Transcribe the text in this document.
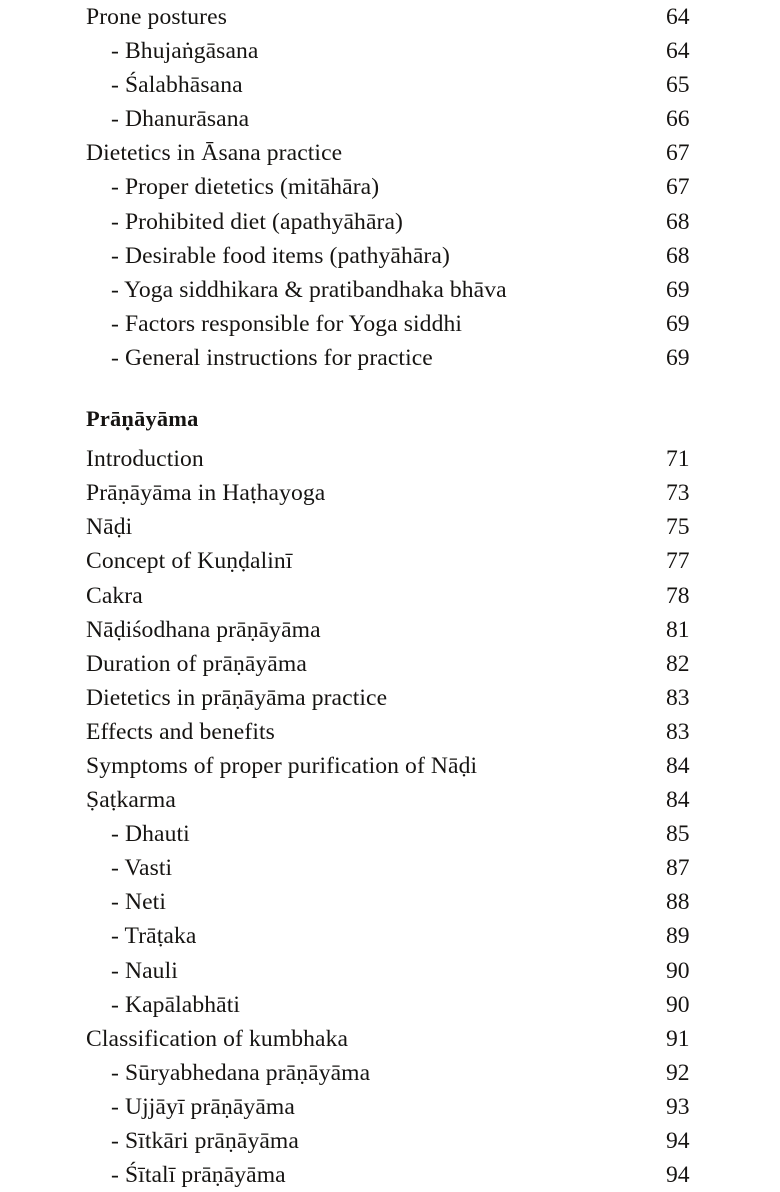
Prone postures	64
- Bhujaṅgāsana	64
- Śalabhāsana	65
- Dhanurāsana	66
Dietetics in Āsana practice	67
- Proper dietetics (mitāhāra)	67
- Prohibited diet (apathyāhāra)	68
- Desirable food items (pathyāhāra)	68
- Yoga siddhikara & pratibandhaka bhāva	69
- Factors responsible for Yoga siddhi	69
- General instructions for practice	69
Prāṇāyāma
Introduction	71
Prāṇāyāma in Haṭhayoga	73
Nāḍi	75
Concept of Kuṇḍalinī	77
Cakra	78
Nāḍiśodhana prāṇāyāma	81
Duration of prāṇāyāma	82
Dietetics in prāṇāyāma practice	83
Effects and benefits	83
Symptoms of proper purification of Nāḍi	84
Ṣaṭkarma	84
- Dhauti	85
- Vasti	87
- Neti	88
- Trāṭaka	89
- Nauli	90
- Kapālabhāti	90
Classification of kumbhaka	91
- Sūryabhedana prāṇāyāma	92
- Ujjāyī prāṇāyāma	93
- Sītkāri prāṇāyāma	94
- Śītalī prāṇāyāma	94
